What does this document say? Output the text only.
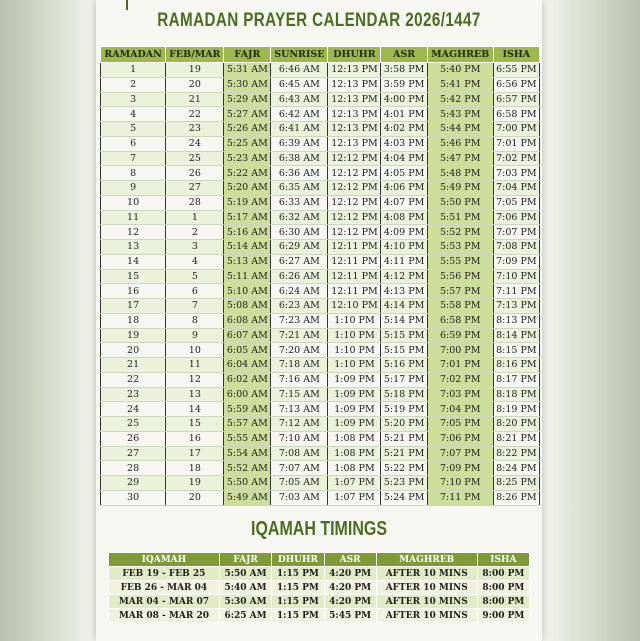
RAMADAN PRAYER CALENDAR 2026/1447
RAMADAN	FEB/MAR	FAJR	SUNRISE	DHUHR	ASR	MAGHREB	ISHA
1	19	5:31 AM	6:46 AM	12:13 PM	3:58 PM	5:40 PM	6:55 PM
2	20	5:30 AM	6:45 AM	12:13 PM	3:59 PM	5:41 PM	6:56 PM
3	21	5:29 AM	6:43 AM	12:13 PM	4:00 PM	5:42 PM	6:57 PM
4	22	5:27 AM	6:42 AM	12:13 PM	4:01 PM	5:43 PM	6:58 PM
5	23	5:26 AM	6:41 AM	12:13 PM	4:02 PM	5:44 PM	7:00 PM
6	24	5:25 AM	6:39 AM	12:13 PM	4:03 PM	5:46 PM	7:01 PM
7	25	5:23 AM	6:38 AM	12:12 PM	4:04 PM	5:47 PM	7:02 PM
8	26	5:22 AM	6:36 AM	12:12 PM	4:05 PM	5:48 PM	7:03 PM
9	27	5:20 AM	6:35 AM	12:12 PM	4:06 PM	5:49 PM	7:04 PM
10	28	5:19 AM	6:33 AM	12:12 PM	4:07 PM	5:50 PM	7:05 PM
11	1	5:17 AM	6:32 AM	12:12 PM	4:08 PM	5:51 PM	7:06 PM
12	2	5:16 AM	6:30 AM	12:12 PM	4:09 PM	5:52 PM	7:07 PM
13	3	5:14 AM	6:29 AM	12:11 PM	4:10 PM	5:53 PM	7:08 PM
14	4	5:13 AM	6:27 AM	12:11 PM	4:11 PM	5:55 PM	7:09 PM
15	5	5:11 AM	6:26 AM	12:11 PM	4:12 PM	5:56 PM	7:10 PM
16	6	5:10 AM	6:24 AM	12:11 PM	4:13 PM	5:57 PM	7:11 PM
17	7	5:08 AM	6:23 AM	12:10 PM	4:14 PM	5:58 PM	7:13 PM
18	8	6:08 AM	7:23 AM	1:10 PM	5:14 PM	6:58 PM	8:13 PM
19	9	6:07 AM	7:21 AM	1:10 PM	5:15 PM	6:59 PM	8:14 PM
20	10	6:05 AM	7:20 AM	1:10 PM	5:15 PM	7:00 PM	8:15 PM
21	11	6:04 AM	7:18 AM	1:10 PM	5:16 PM	7:01 PM	8:16 PM
22	12	6:02 AM	7:16 AM	1:09 PM	5:17 PM	7:02 PM	8:17 PM
23	13	6:00 AM	7:15 AM	1:09 PM	5:18 PM	7:03 PM	8:18 PM
24	14	5:59 AM	7:13 AM	1:09 PM	5:19 PM	7:04 PM	8:19 PM
25	15	5:57 AM	7:12 AM	1:09 PM	5:20 PM	7:05 PM	8:20 PM
26	16	5:55 AM	7:10 AM	1:08 PM	5:21 PM	7:06 PM	8:21 PM
27	17	5:54 AM	7:08 AM	1:08 PM	5:21 PM	7:07 PM	8:22 PM
28	18	5:52 AM	7:07 AM	1:08 PM	5:22 PM	7:09 PM	8:24 PM
29	19	5:50 AM	7:05 AM	1:07 PM	5:23 PM	7:10 PM	8:25 PM
30	20	5:49 AM	7:03 AM	1:07 PM	5:24 PM	7:11 PM	8:26 PM
IQAMAH TIMINGS
IQAMAH	FAJR	DHUHR	ASR	MAGHREB	ISHA
FEB 19 - FEB 25	5:50 AM	1:15 PM	4:20 PM	AFTER 10 MINS	8:00 PM
FEB 26 - MAR 04	5:40 AM	1:15 PM	4:20 PM	AFTER 10 MINS	8:00 PM
MAR 04 - MAR 07	5:30 AM	1:15 PM	4:20 PM	AFTER 10 MINS	8:00 PM
MAR 08 - MAR 20	6:25 AM	1:15 PM	5:45 PM	AFTER 10 MINS	9:00 PM
